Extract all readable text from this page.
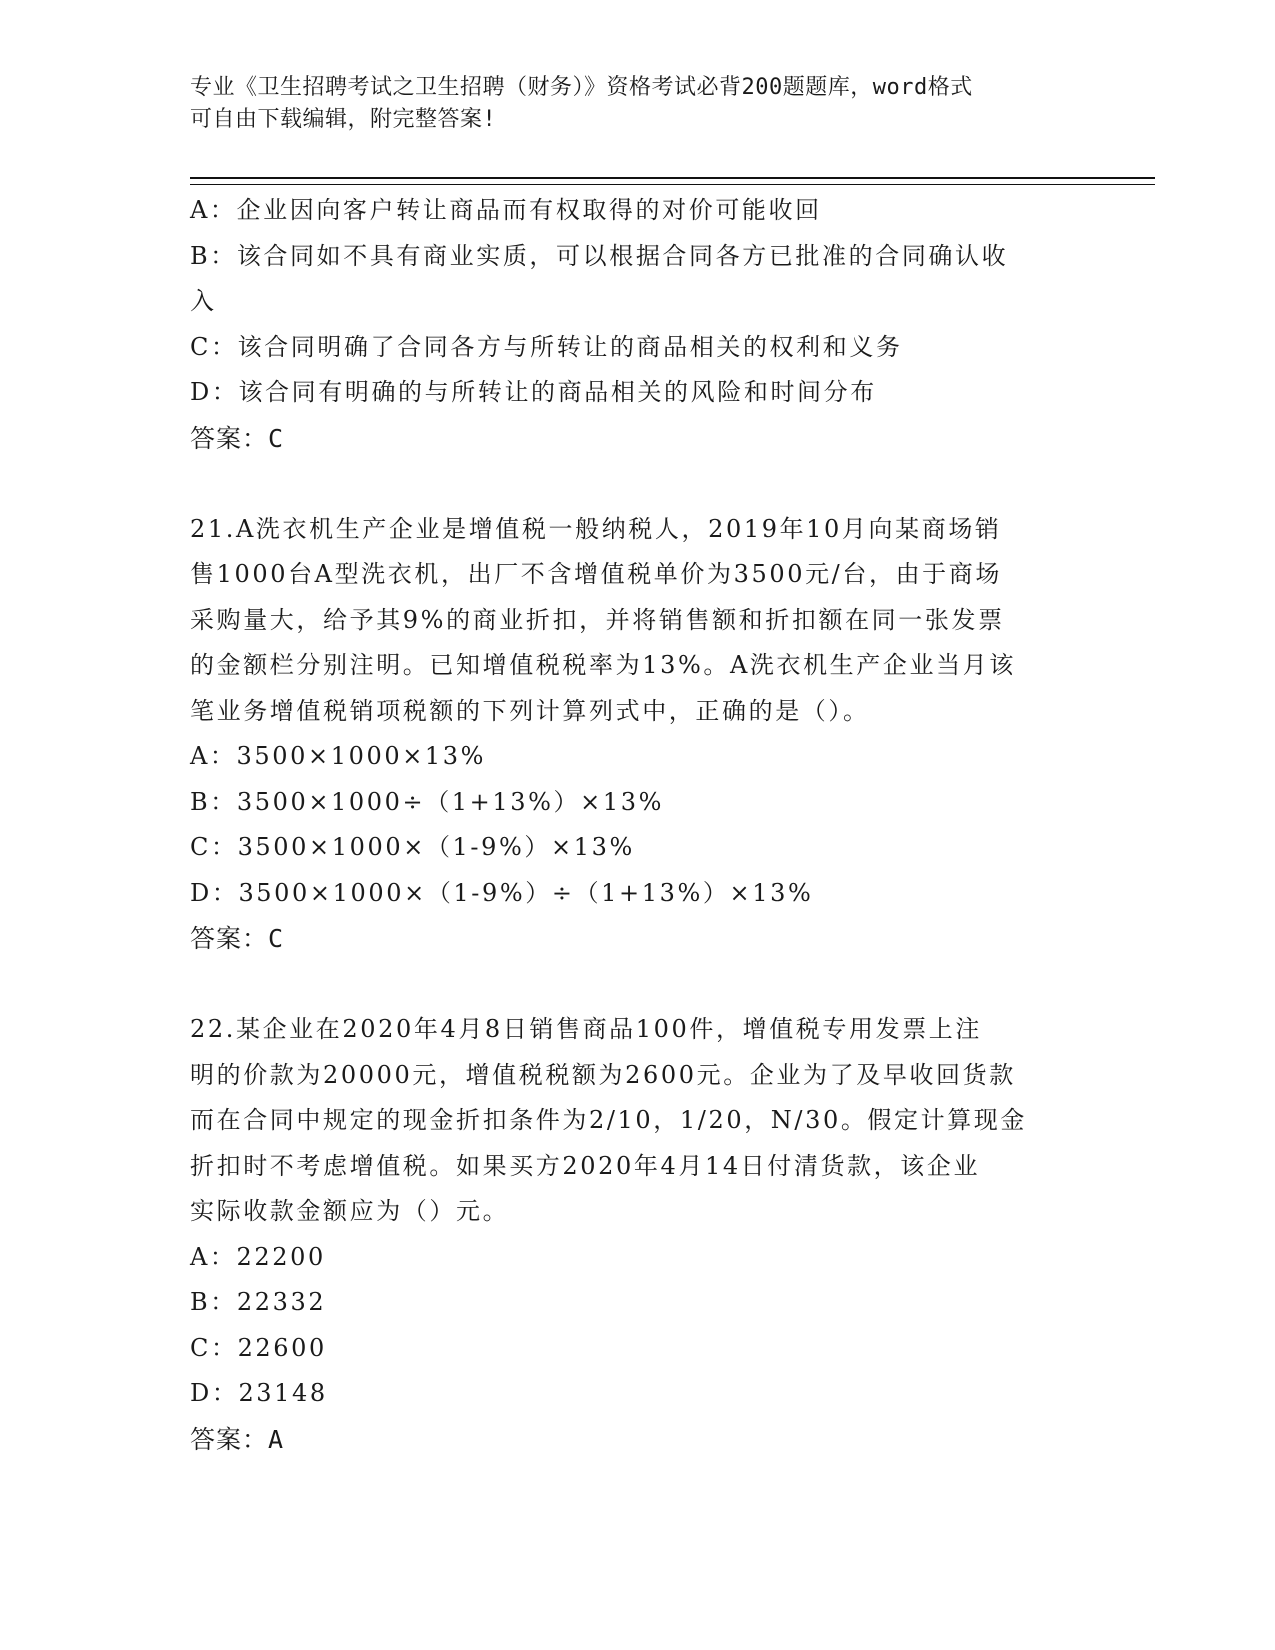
专业《卫生招聘考试之卫生招聘（财务）》资格考试必背200题题库，word格式
可自由下载编辑，附完整答案!
A：企业因向客户转让商品而有权取得的对价可能收回
B：该合同如不具有商业实质，可以根据合同各方已批准的合同确认收
入
C：该合同明确了合同各方与所转让的商品相关的权利和义务
D：该合同有明确的与所转让的商品相关的风险和时间分布
答案：C
21.A洗衣机生产企业是增值税一般纳税人，2019年10月向某商场销
售1000台A型洗衣机，出厂不含增值税单价为3500元/台，由于商场
采购量大，给予其9%的商业折扣，并将销售额和折扣额在同一张发票
的金额栏分别注明。已知增值税税率为13%。A洗衣机生产企业当月该
笔业务增值税销项税额的下列计算列式中，正确的是（）。
A：3500×1000×13%
B：3500×1000÷（1+13%）×13%
C：3500×1000×（1-9%）×13%
D：3500×1000×（1-9%）÷（1+13%）×13%
答案：C
22.某企业在2020年4月8日销售商品100件，增值税专用发票上注
明的价款为20000元，增值税税额为2600元。企业为了及早收回货款
而在合同中规定的现金折扣条件为2/10，1/20，N/30。假定计算现金
折扣时不考虑增值税。如果买方2020年4月14日付清货款，该企业
实际收款金额应为（）元。
A：22200
B：22332
C：22600
D：23148
答案：A
